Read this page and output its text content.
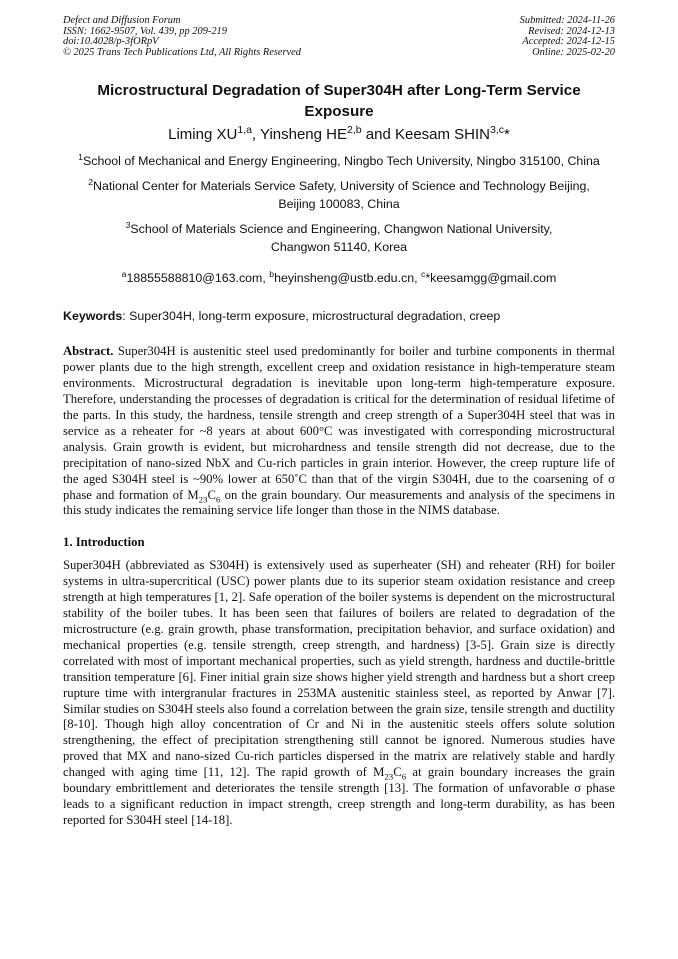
Defect and Diffusion Forum
ISSN: 1662-9507, Vol. 439, pp 209-219
doi:10.4028/p-3fORpV
© 2025 Trans Tech Publications Ltd, All Rights Reserved
Submitted: 2024-11-26
Revised: 2024-12-13
Accepted: 2024-12-15
Online: 2025-02-20
Microstructural Degradation of Super304H after Long-Term Service Exposure
Liming XU$^{1,a}$, Yinsheng HE$^{2,b}$ and Keesam SHIN$^{3,c}$*
$^1$School of Mechanical and Energy Engineering, Ningbo Tech University, Ningbo 315100, China
$^2$National Center for Materials Service Safety, University of Science and Technology Beijing,
Beijing 100083, China
$^3$School of Materials Science and Engineering, Changwon National University,
Changwon 51140, Korea
$^a$18855588810@163.com, $^b$heyinsheng@ustb.edu.cn, $^c$*keesamgg@gmail.com
Keywords: Super304H, long-term exposure, microstructural degradation, creep

Abstract. Super304H is austenitic steel used predominantly for boiler and turbine components in thermal power plants due to the high strength, excellent creep and oxidation resistance in high-temperature steam environments. Microstructural degradation is inevitable upon long-term high-temperature exposure. Therefore, understanding the processes of degradation is critical for the determination of residual lifetime of the parts. In this study, the hardness, tensile strength and creep strength of a Super304H steel that was in service as a reheater for ~8 years at about 600°C was investigated with corresponding microstructural analysis. Grain growth is evident, but microhardness and tensile strength did not decrease, due to the precipitation of nano-sized NbX and Cu-rich particles in grain interior. However, the creep rupture life of the aged S304H steel is ~90% lower at 650˚C than that of the virgin S304H, due to the coarsening of σ phase and formation of $M_{23}C_6$ on the grain boundary. Our measurements and analysis of the specimens in this study indicates the remaining service life longer than those in the NIMS database.

1. Introduction

Super304H (abbreviated as S304H) is extensively used as superheater (SH) and reheater (RH) for boiler systems in ultra-supercritical (USC) power plants due to its superior steam oxidation resistance and creep strength at high temperatures [1, 2]. Safe operation of the boiler systems is dependent on the microstructural stability of the boiler tubes. It has been seen that failures of boilers are related to degradation of the microstructure (e.g. grain growth, phase transformation, precipitation behavior, and surface oxidation) and mechanical properties (e.g. tensile strength, creep strength, and hardness) [3-5]. Grain size is directly correlated with most of important mechanical properties, such as yield strength, hardness and ductile-brittle transition temperature [6]. Finer initial grain size shows higher yield strength and hardness but a short creep rupture time with intergranular fractures in 253MA austenitic stainless steel, as reported by Anwar [7]. Similar studies on S304H steels also found a correlation between the grain size, tensile strength and ductility [8-10]. Though high alloy concentration of Cr and Ni in the austenitic steels offers solute solution strengthening, the effect of precipitation strengthening still cannot be ignored. Numerous studies have proved that MX and nano-sized Cu-rich particles dispersed in the matrix are relatively stable and hardly changed with aging time [11, 12]. The rapid growth of $M_{23}C_6$ at grain boundary increases the grain boundary embrittlement and deteriorates the tensile strength [13]. The formation of unfavorable σ phase leads to a significant reduction in impact strength, creep strength and long-term durability, as has been reported for S304H steel [14-18].
